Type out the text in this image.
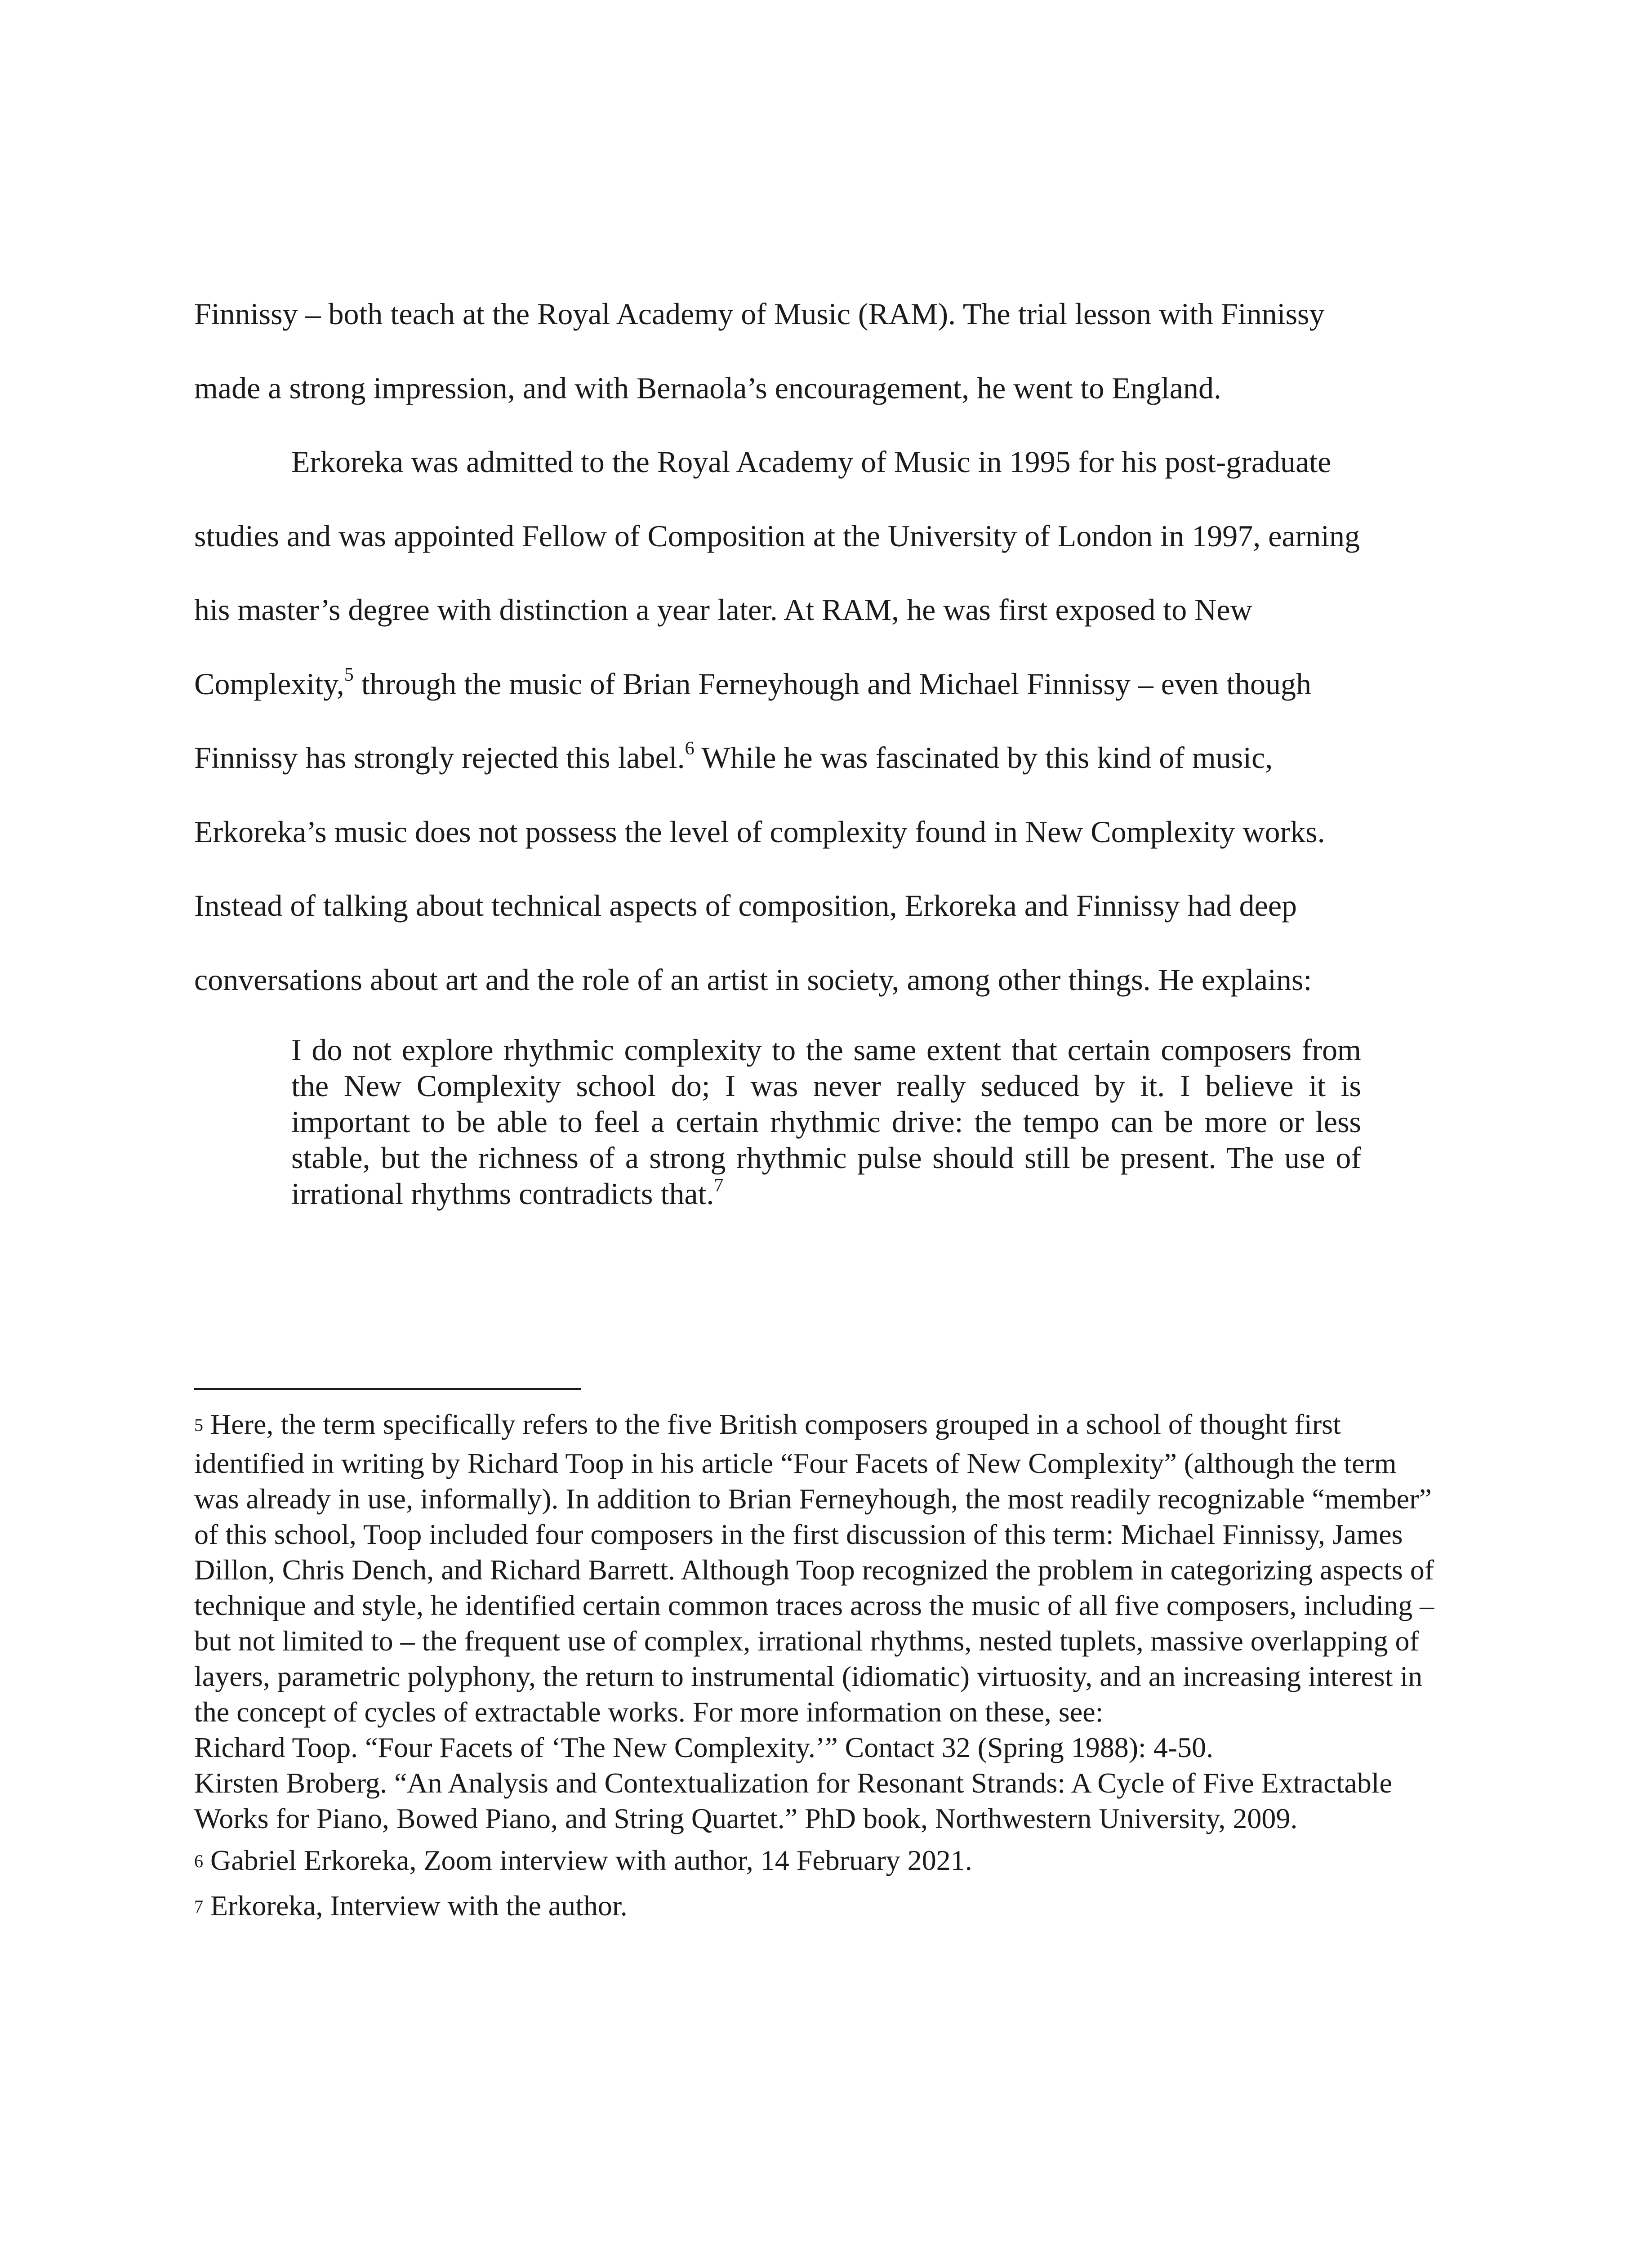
Finnissy – both teach at the Royal Academy of Music (RAM). The trial lesson with Finnissy
made a strong impression, and with Bernaola’s encouragement, he went to England.
Erkoreka was admitted to the Royal Academy of Music in 1995 for his post-graduate
studies and was appointed Fellow of Composition at the University of London in 1997, earning
his master’s degree with distinction a year later. At RAM, he was first exposed to New
Complexity,$^5$ through the music of Brian Ferneyhough and Michael Finnissy – even though
Finnissy has strongly rejected this label.$^6$ While he was fascinated by this kind of music,
Erkoreka’s music does not possess the level of complexity found in New Complexity works.
Instead of talking about technical aspects of composition, Erkoreka and Finnissy had deep
conversations about art and the role of an artist in society, among other things. He explains:
I do not explore rhythmic complexity to the same extent that certain composers from the New Complexity school do; I was never really seduced by it. I believe it is important to be able to feel a certain rhythmic drive: the tempo can be more or less stable, but the richness of a strong rhythmic pulse should still be present. The use of irrational rhythms contradicts that.$^7$

5 Here, the term specifically refers to the five British composers grouped in a school of thought first identified in writing by Richard Toop in his article “Four Facets of New Complexity” (although the term was already in use, informally). In addition to Brian Ferneyhough, the most readily recognizable “member” of this school, Toop included four composers in the first discussion of this term: Michael Finnissy, James Dillon, Chris Dench, and Richard Barrett. Although Toop recognized the problem in categorizing aspects of technique and style, he identified certain common traces across the music of all five composers, including – but not limited to – the frequent use of complex, irrational rhythms, nested tuplets, massive overlapping of layers, parametric polyphony, the return to instrumental (idiomatic) virtuosity, and an increasing interest in the concept of cycles of extractable works. For more information on these, see:
Richard Toop. “Four Facets of ‘The New Complexity.’” Contact 32 (Spring 1988): 4-50.
Kirsten Broberg. “An Analysis and Contextualization for Resonant Strands: A Cycle of Five Extractable Works for Piano, Bowed Piano, and String Quartet.” PhD book, Northwestern University, 2009.

6 Gabriel Erkoreka, Zoom interview with author, 14 February 2021.

7 Erkoreka, Interview with the author.
